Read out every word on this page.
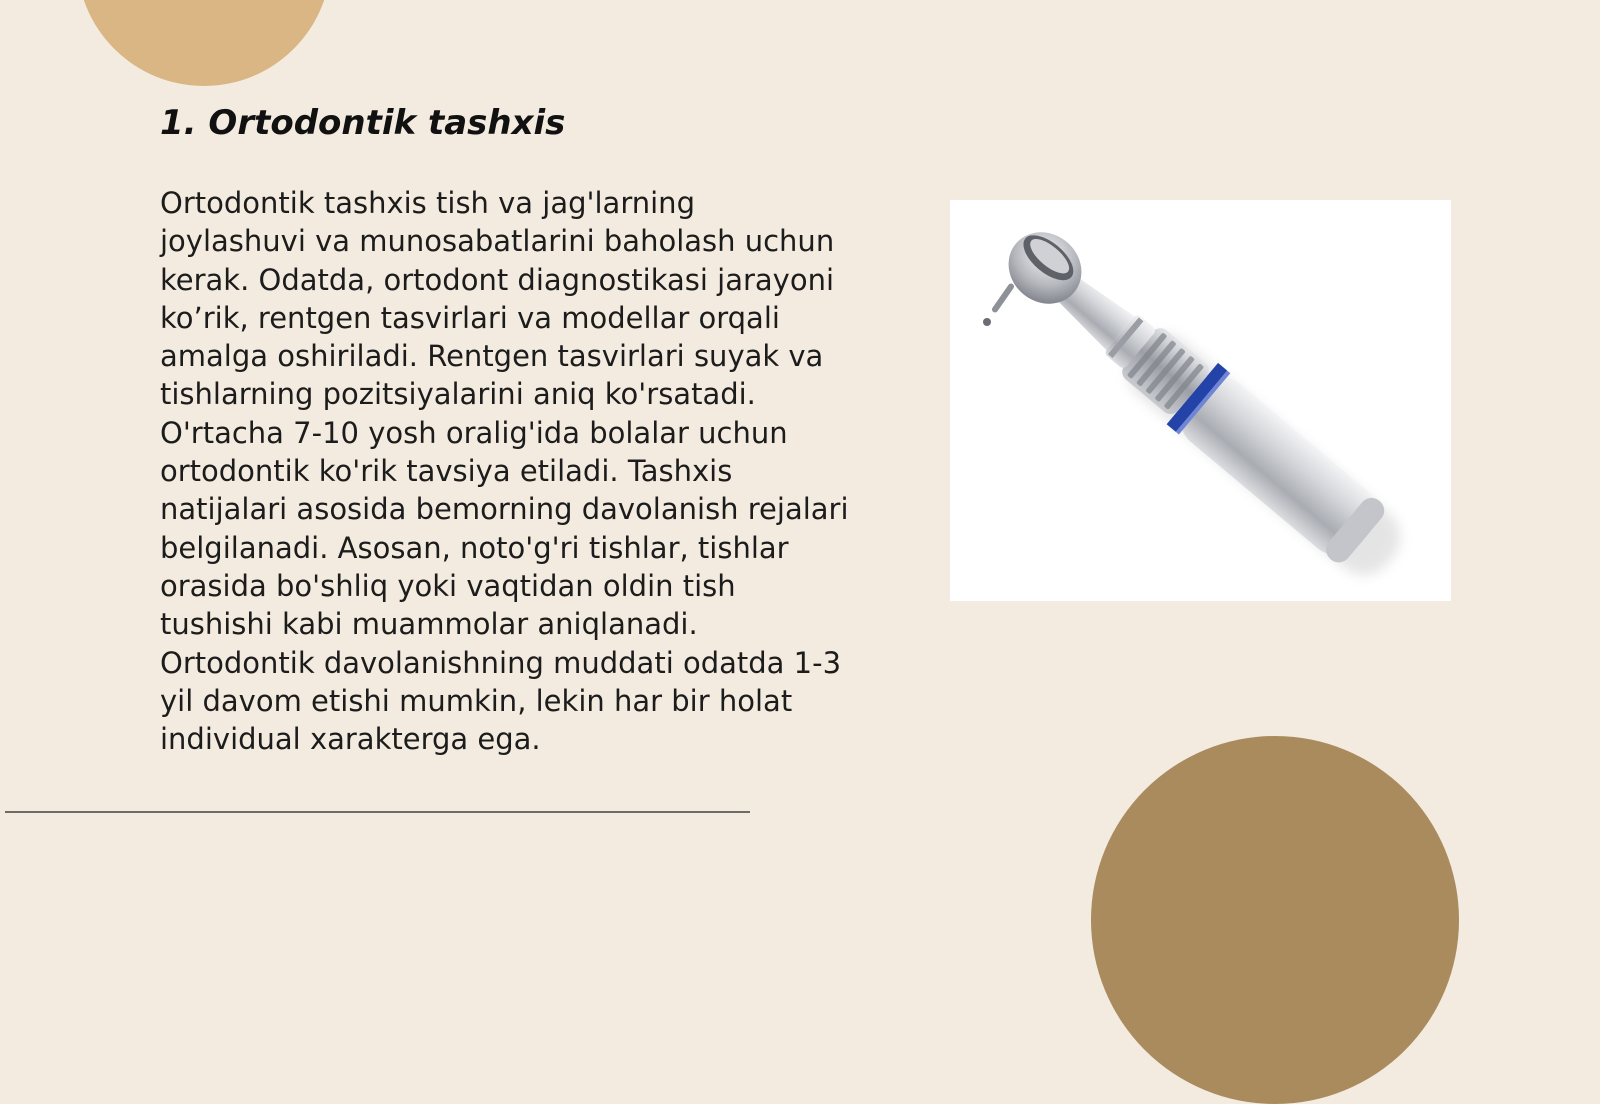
1. Ortodontik tashxis

Ortodontik tashxis tish va jag'larning joylashuvi va munosabatlarini baholash uchun kerak. Odatda, ortodont diagnostikasi jarayoni ko’rik, rentgen tasvirlari va modellar orqali amalga oshiriladi. Rentgen tasvirlari suyak va tishlarning pozitsiyalarini aniq ko'rsatadi. O'rtacha 7-10 yosh oralig'ida bolalar uchun ortodontik ko'rik tavsiya etiladi. Tashxis natijalari asosida bemorning davolanish rejalari belgilanadi. Asosan, noto'g'ri tishlar, tishlar orasida bo'shliq yoki vaqtidan oldin tish tushishi kabi muammolar aniqlanadi. Ortodontik davolanishning muddati odatda 1-3 yil davom etishi mumkin, lekin har bir holat individual xarakterga ega.
